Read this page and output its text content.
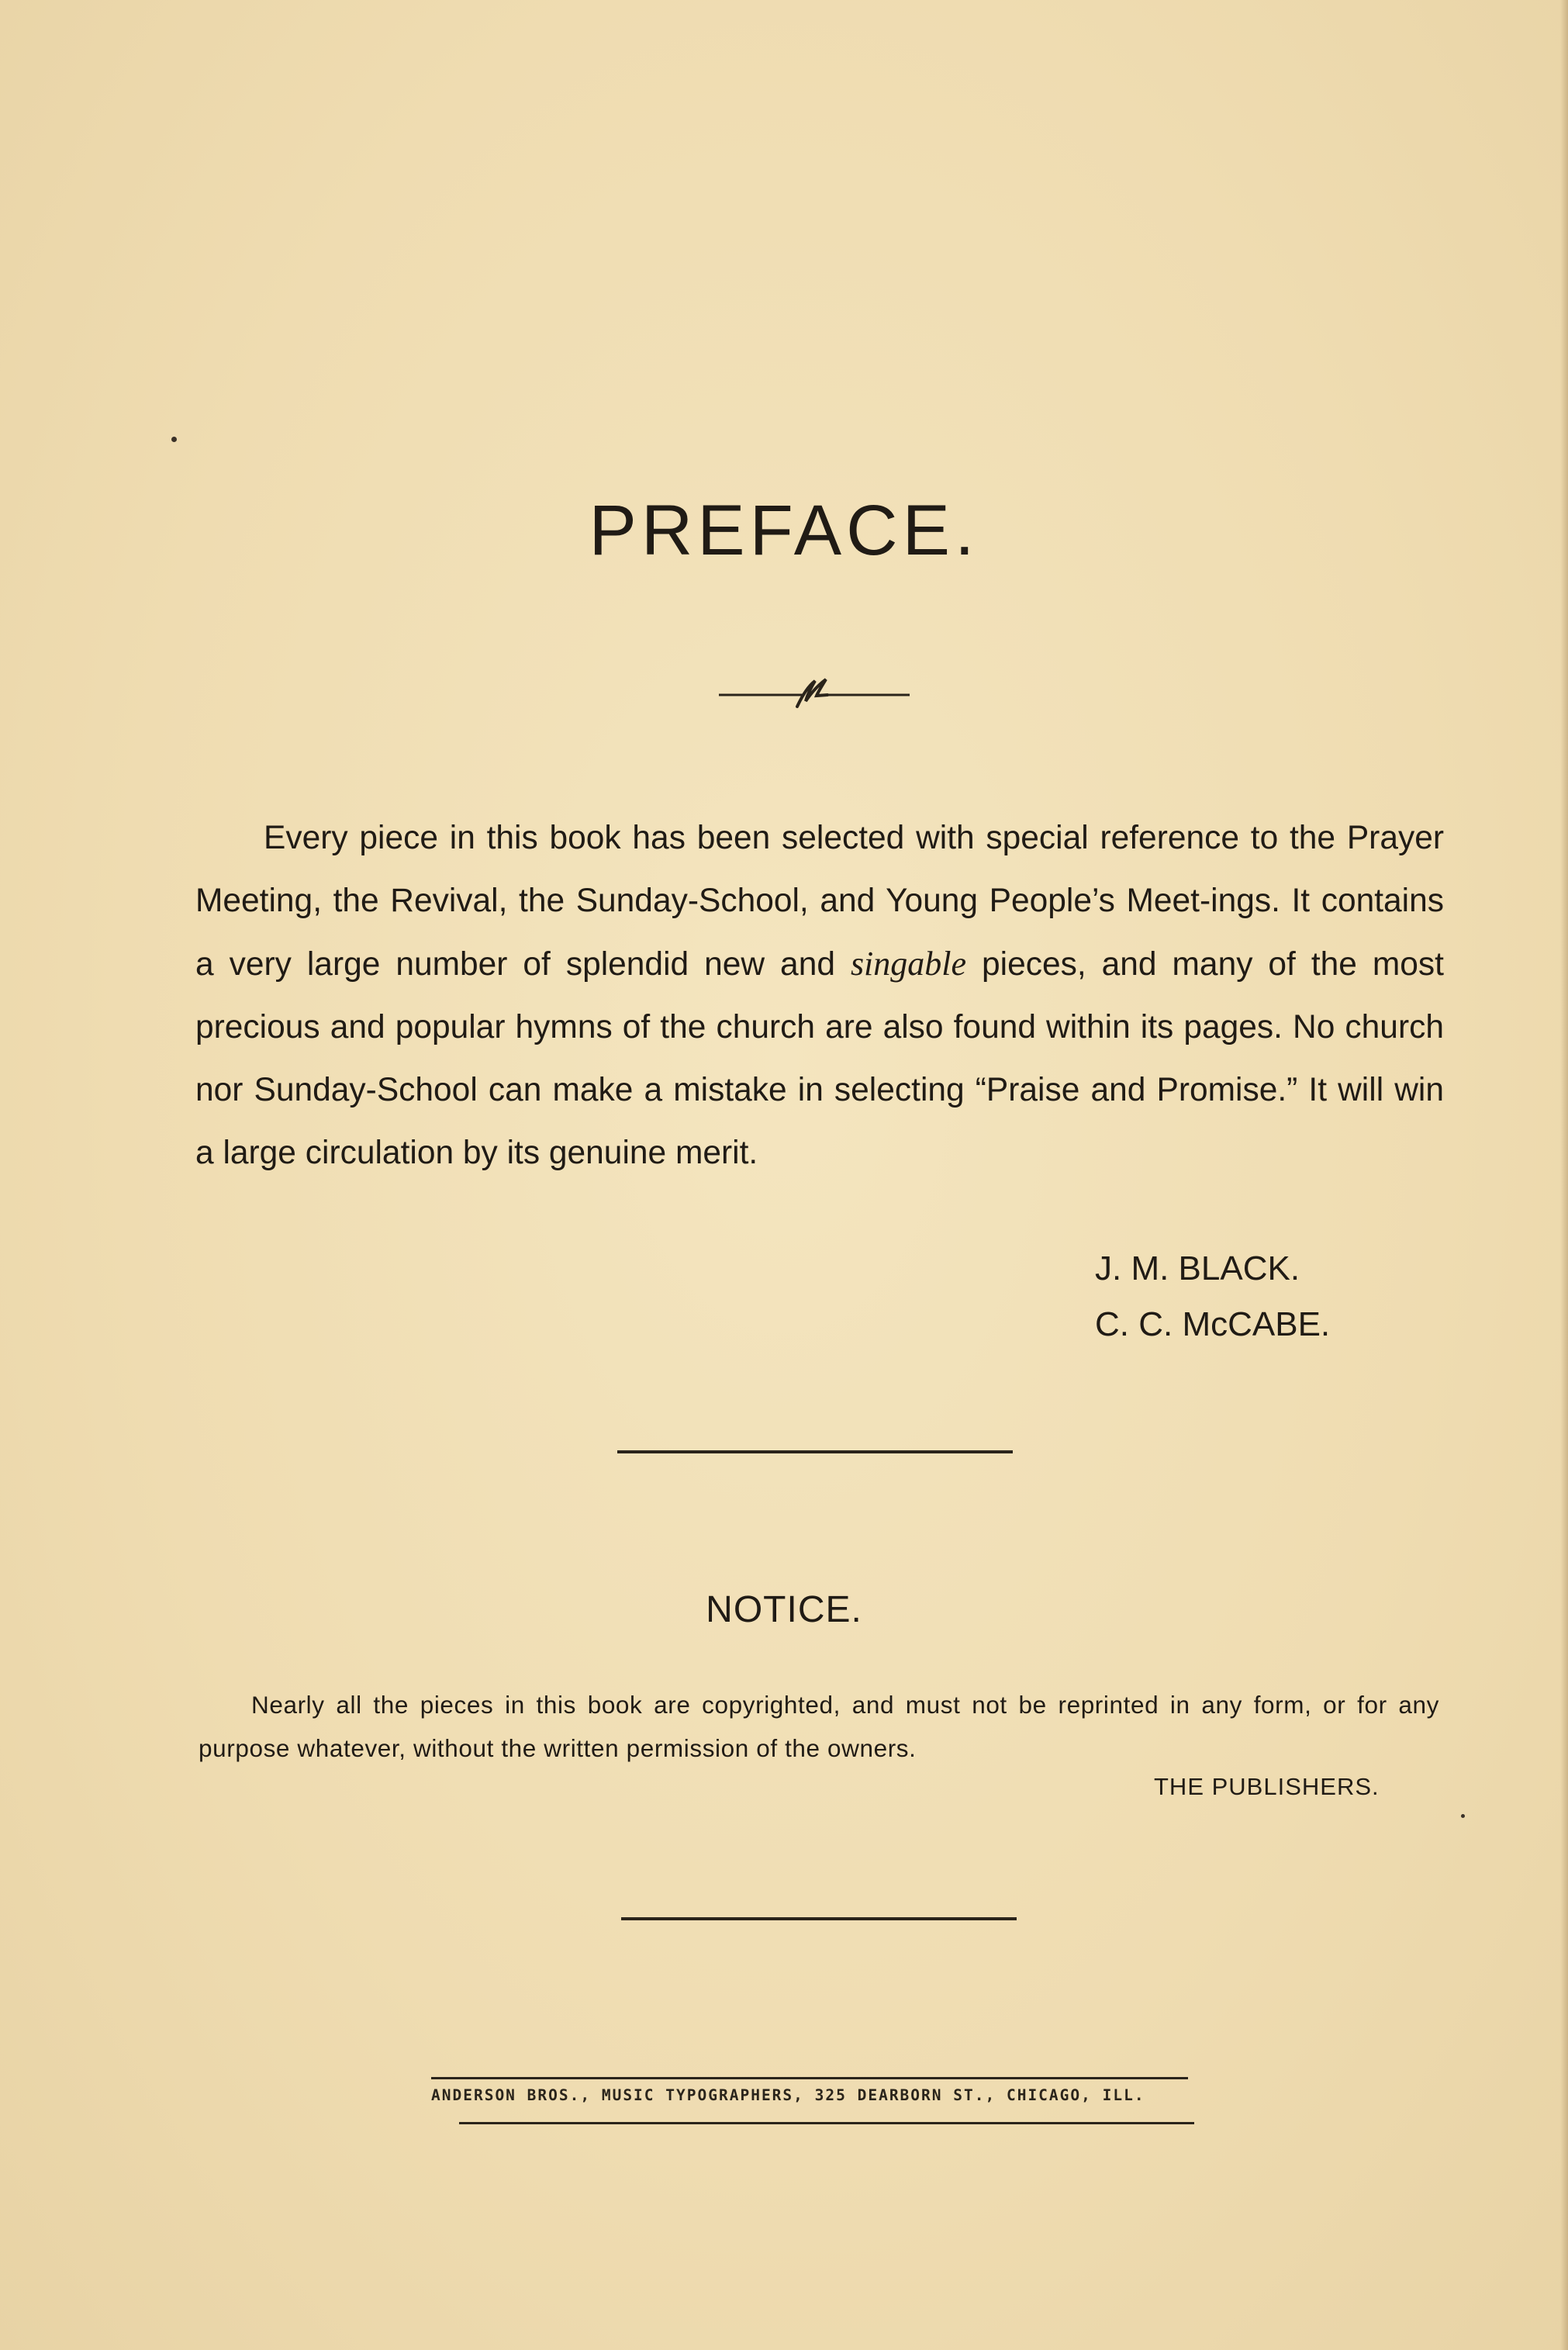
PREFACE.

Every piece in this book has been selected with special reference to the Prayer Meeting, the Revival, the Sunday-School, and Young People’s Meet-ings. It contains a very large number of splendid new and singable pieces, and many of the most precious and popular hymns of the church are also found within its pages. No church nor Sunday-School can make a mistake in selecting “Praise and Promise.” It will win a large circulation by its genuine merit.

J. M. BLACK.
C. C. McCABE.
NOTICE.

Nearly all the pieces in this book are copyrighted, and must not be reprinted in any form, or for any purpose whatever, without the written permission of the owners.

THE PUBLISHERS.
ANDERSON BROS., MUSIC TYPOGRAPHERS, 325 DEARBORN ST., CHICAGO, ILL.
